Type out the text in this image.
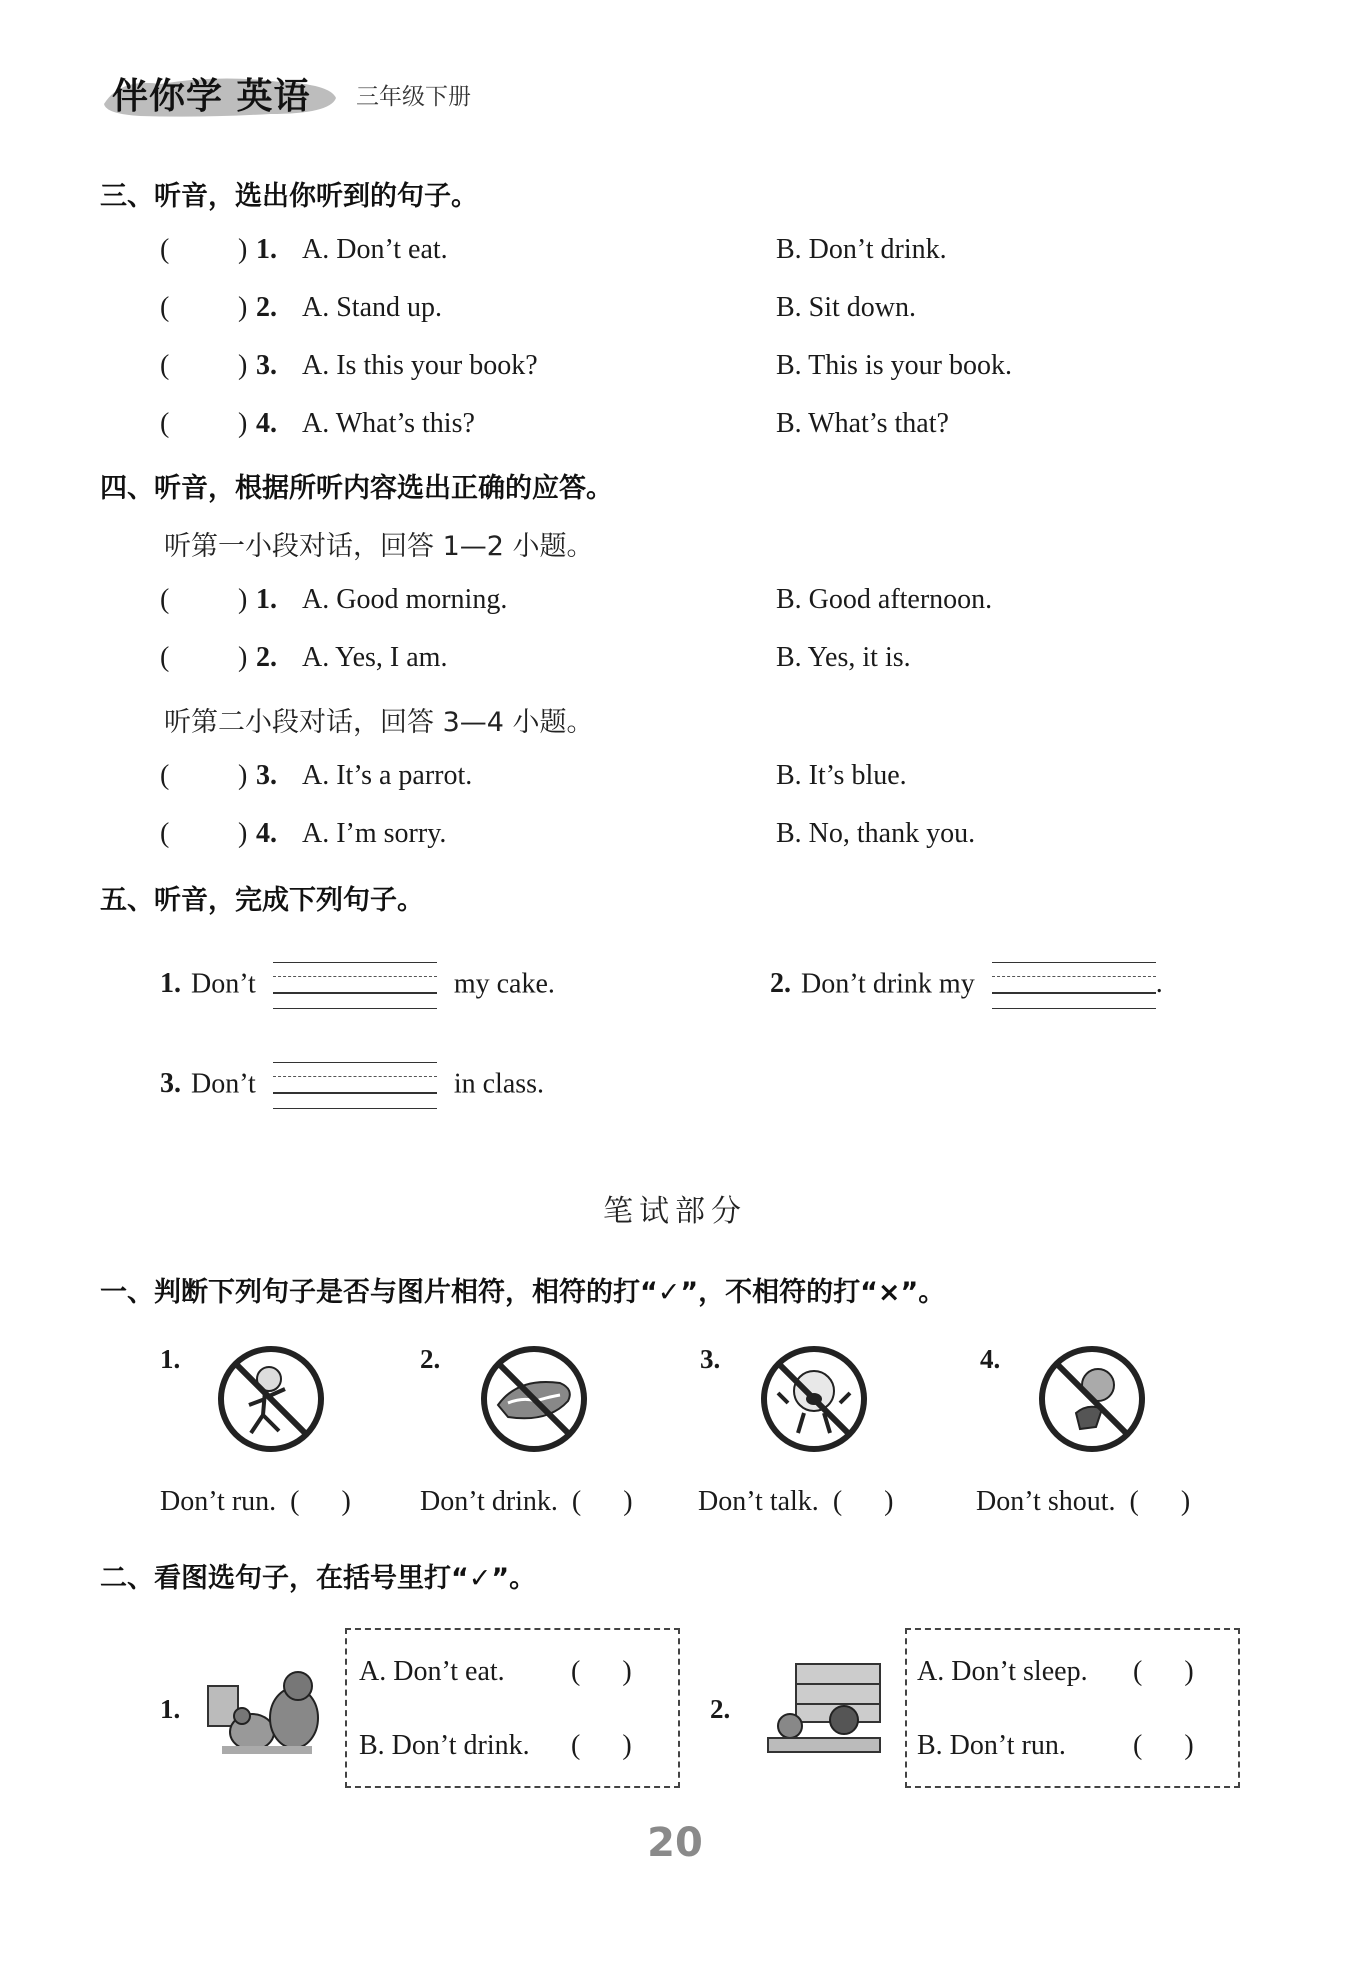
伴你学 英语 三年级下册
三、听音，选出你听到的句子。
( ) 1. A. Don’t eat.	B. Don’t drink.
( ) 2. A. Stand up.	B. Sit down.
( ) 3. A. Is this your book?	B. This is your book.
( ) 4. A. What’s this?	B. What’s that?
四、听音，根据所听内容选出正确的应答。
听第一小段对话，回答 1—2 小题。
( ) 1. A. Good morning.	B. Good afternoon.
( ) 2. A. Yes, I am.	B. Yes, it is.
听第二小段对话，回答 3—4 小题。
( ) 3. A. It’s a parrot.	B. It’s blue.
( ) 4. A. I’m sorry.	B. No, thank you.
五、听音，完成下列句子。
1. Don’t	my cake.	2. Don’t drink my	.
3. Don’t	in class.
笔试部分
一、判断下列句子是否与图片相符，相符的打“✓”，不相符的打“×”。
1.
Don’t run. (      )
2.
Don’t drink. (      )
3.
Don’t talk. (      )
4.
Don’t shout. (      )
二、看图选句子，在括号里打“✓”。
1.
A. Don’t eat. (      )
B. Don’t drink. (      )
2.
A. Don’t sleep. (      )
B. Don’t run. (      )
20
